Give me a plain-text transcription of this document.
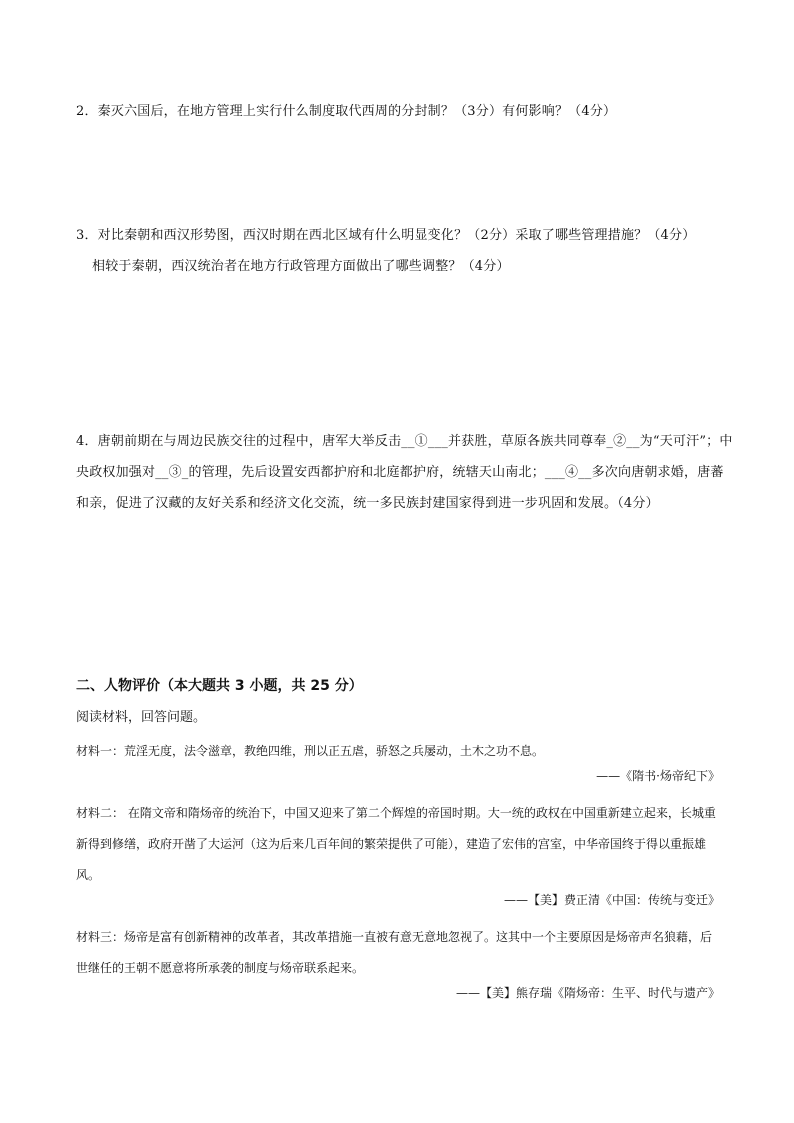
2．秦灭六国后，在地方管理上实行什么制度取代西周的分封制？（3分）有何影响？（4分）
3．对比秦朝和西汉形势图，西汉时期在西北区域有什么明显变化？（2分）采取了哪些管理措施？（4分）
相较于秦朝，西汉统治者在地方行政管理方面做出了哪些调整？（4分）
4．唐朝前期在与周边民族交往的过程中，唐军大举反击__①___并获胜，草原各族共同尊奉_②__为“天可汗”；中央政权加强对__③_的管理，先后设置安西都护府和北庭都护府，统辖天山南北；___④__多次向唐朝求婚，唐蕃和亲，促进了汉藏的友好关系和经济文化交流，统一多民族封建国家得到进一步巩固和发展。（4分）
二、人物评价（本大题共 3 小题，共 25 分）
阅读材料，回答问题。
材料一：荒淫无度，法令滋章，教绝四维，刑以正五虐，骄怒之兵屡动，土木之功不息。
——《隋书·炀帝纪下》
材料二： 在隋文帝和隋炀帝的统治下，中国又迎来了第二个辉煌的帝国时期。大一统的政权在中国重新建立起来，长城重新得到修缮，政府开凿了大运河（这为后来几百年间的繁荣提供了可能），建造了宏伟的宫室，中华帝国终于得以重振雄风。
——【美】费正清《中国：传统与变迁》
材料三：炀帝是富有创新精神的改革者，其改革措施一直被有意无意地忽视了。这其中一个主要原因是炀帝声名狼藉，后世继任的王朝不愿意将所承袭的制度与炀帝联系起来。
——【美】熊存瑞《隋炀帝：生平、时代与遗产》
